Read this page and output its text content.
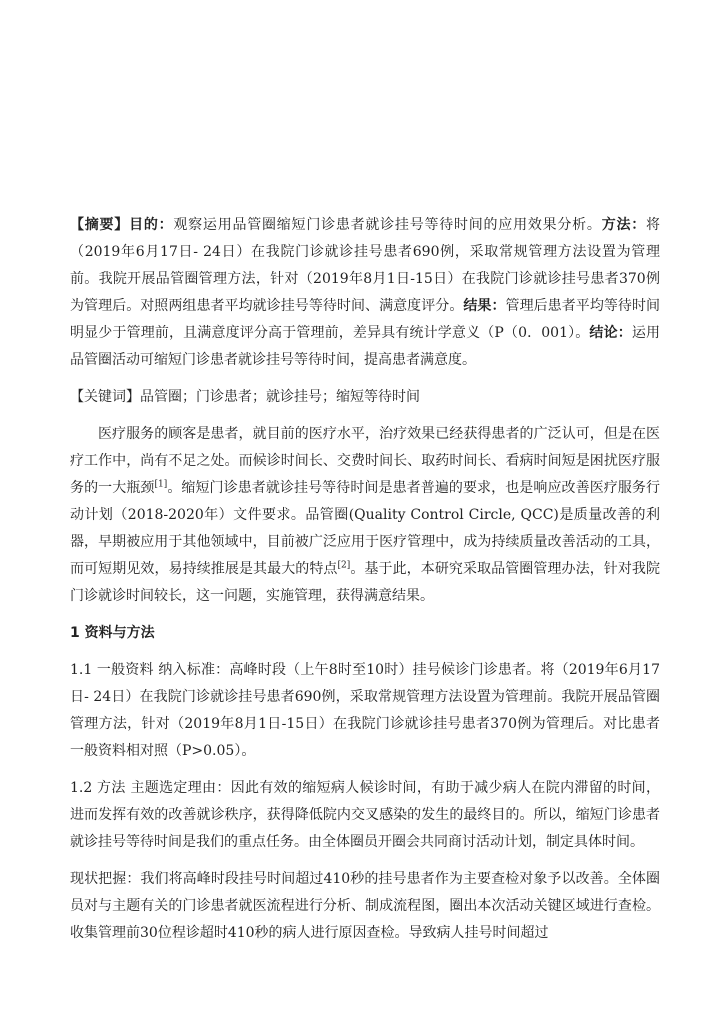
【摘要】目的：观察运用品管圈缩短门诊患者就诊挂号等待时间的应用效果分析。方法：将（2019年6月17日- 24日）在我院门诊就诊挂号患者690例，采取常规管理方法设置为管理前。我院开展品管圈管理方法，针对（2019年8月1日-15日）在我院门诊就诊挂号患者370例为管理后。对照两组患者平均就诊挂号等待时间、满意度评分。结果：管理后患者平均等待时间明显少于管理前，且满意度评分高于管理前，差异具有统计学意义（P（0．001）。结论：运用品管圈活动可缩短门诊患者就诊挂号等待时间，提高患者满意度。

【关键词】品管圈；门诊患者；就诊挂号；缩短等待时间

医疗服务的顾客是患者，就目前的医疗水平，治疗效果已经获得患者的广泛认可，但是在医疗工作中，尚有不足之处。而候诊时间长、交费时间长、取药时间长、看病时间短是困扰医疗服务的一大瓶颈[1]。缩短门诊患者就诊挂号等待时间是患者普遍的要求，也是响应改善医疗服务行动计划（2018-2020年）文件要求。品管圈(Quality Control Circle, QCC)是质量改善的利器，早期被应用于其他领域中，目前被广泛应用于医疗管理中，成为持续质量改善活动的工具，而可短期见效，易持续推展是其最大的特点[2]。基于此，本研究采取品管圈管理办法，针对我院门诊就诊时间较长，这一问题，实施管理，获得满意结果。

1 资料与方法

1.1 一般资料 纳入标准：高峰时段（上午8时至10时）挂号候诊门诊患者。将（2019年6月17日- 24日）在我院门诊就诊挂号患者690例，采取常规管理方法设置为管理前。我院开展品管圈管理方法，针对（2019年8月1日-15日）在我院门诊就诊挂号患者370例为管理后。对比患者一般资料相对照（P>0.05）。

1.2 方法 主题选定理由：因此有效的缩短病人候诊时间，有助于减少病人在院内滞留的时间，进而发挥有效的改善就诊秩序，获得降低院内交叉感染的发生的最终目的。所以，缩短门诊患者就诊挂号等待时间是我们的重点任务。由全体圈员开圈会共同商讨活动计划，制定具体时间。

现状把握：我们将高峰时段挂号时间超过410秒的挂号患者作为主要查检对象予以改善。全体圈员对与主题有关的门诊患者就医流程进行分析、制成流程图，圈出本次活动关键区域进行查检。收集管理前30位程诊超时410秒的病人进行原因查检。导致病人挂号时间超过
